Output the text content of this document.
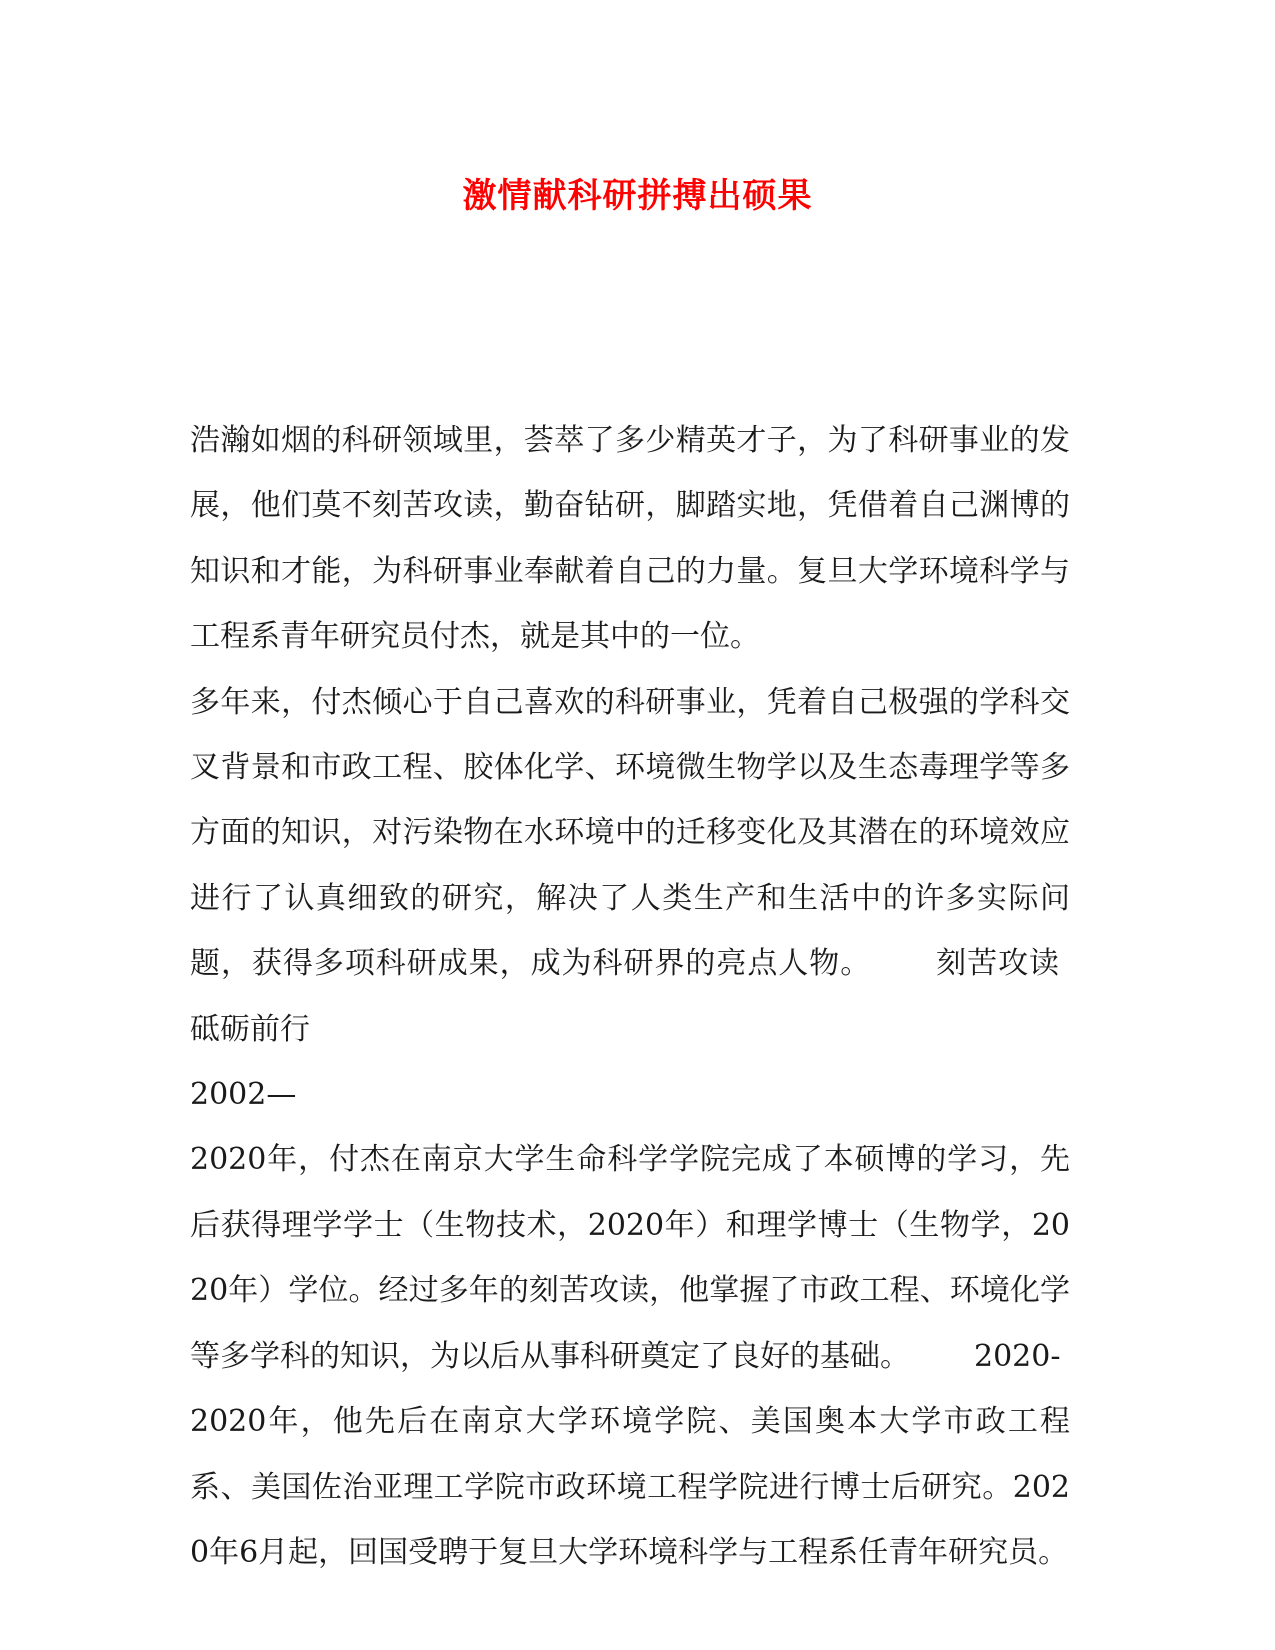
激情献科研拼搏出硕果

浩瀚如烟的科研领域里，荟萃了多少精英才子，为了科研事业的发展，他们莫不刻苦攻读，勤奋钻研，脚踏实地，凭借着自己渊博的知识和才能，为科研事业奉献着自己的力量。复旦大学环境科学与工程系青年研究员付杰，就是其中的一位。

多年来，付杰倾心于自己喜欢的科研事业，凭着自己极强的学科交叉背景和市政工程、胶体化学、环境微生物学以及生态毒理学等多方面的知识，对污染物在水环境中的迁移变化及其潜在的环境效应进行了认真细致的研究，解决了人类生产和生活中的许多实际问题，获得多项科研成果，成为科研界的亮点人物。 刻苦攻读砥砺前行

2002—

2020年，付杰在南京大学生命科学学院完成了本硕博的学习，先后获得理学学士（生物技术，2020年）和理学博士（生物学，2020年）学位。经过多年的刻苦攻读，他掌握了市政工程、环境化学等多学科的知识，为以后从事科研奠定了良好的基础。 2020-

2020年，他先后在南京大学环境学院、美国奥本大学市政工程系、美国佐治亚理工学院市政环境工程学院进行博士后研究。2020年6月起，回国受聘于复旦大学环境科学与工程系任青年研究员。
